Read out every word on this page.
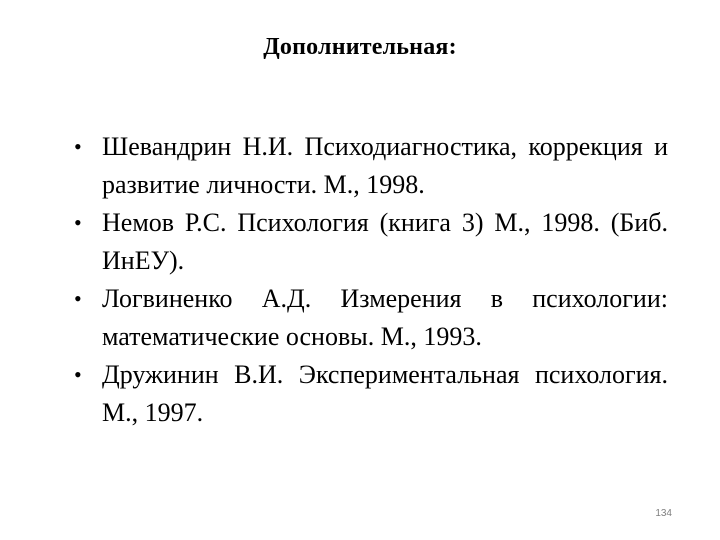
Дополнительная:
• Шевандрин Н.И. Психодиагностика, коррекция и развитие личности. М., 1998.
• Немов Р.С. Психология (книга 3) М., 1998. (Биб. ИнЕУ).
• Логвиненко А.Д. Измерения в психологии: математические основы. М., 1993.
• Дружинин В.И. Экспериментальная психология. М., 1997.
134
